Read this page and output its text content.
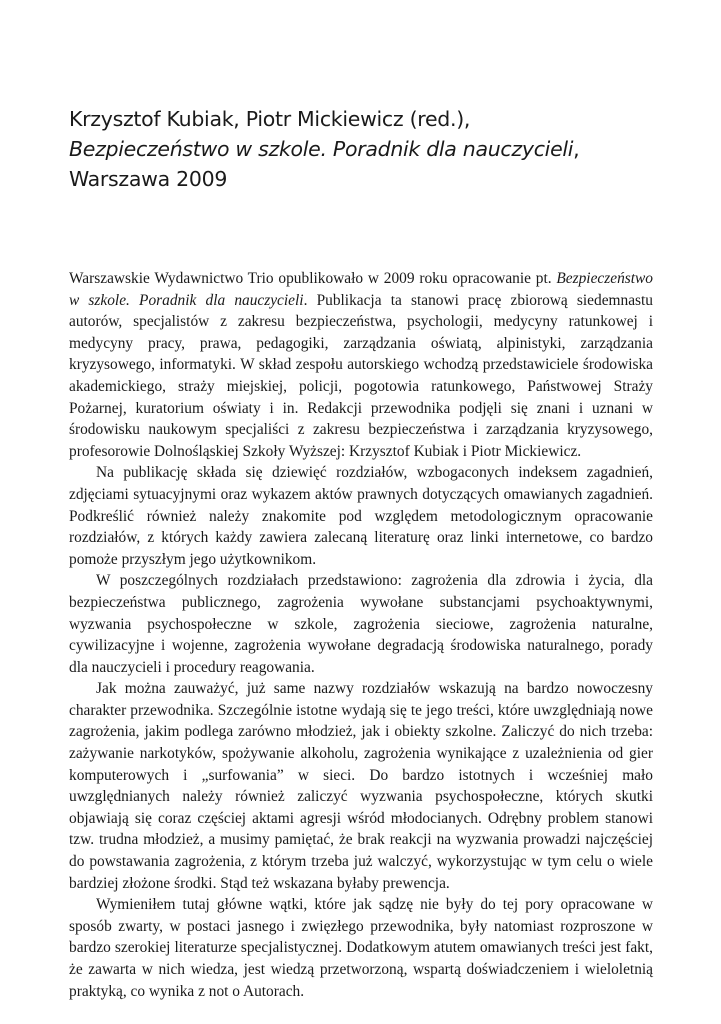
Krzysztof Kubiak, Piotr Mickiewicz (red.),
Bezpieczeństwo w szkole. Poradnik dla nauczycieli,
Warszawa 2009

Warszawskie Wydawnictwo Trio opublikowało w 2009 roku opracowanie pt. Bezpieczeństwo w szkole. Poradnik dla nauczycieli. Publikacja ta stanowi pracę zbiorową siedemnastu autorów, specjalistów z zakresu bezpieczeństwa, psychologii, medycyny ratunkowej i medycyny pracy, prawa, pedagogiki, zarządzania oświatą, alpinistyki, zarządzania kryzysowego, informatyki. W skład zespołu autorskiego wchodzą przedstawiciele środowiska akademickiego, straży miejskiej, policji, pogotowia ratunkowego, Państwowej Straży Pożarnej, kuratorium oświaty i in. Redakcji przewodnika podjęli się znani i uznani w środowisku naukowym specjaliści z zakresu bezpieczeństwa i zarządzania kryzysowego, profesorowie Dolnośląskiej Szkoły Wyższej: Krzysztof Kubiak i Piotr Mickiewicz.

Na publikację składa się dziewięć rozdziałów, wzbogaconych indeksem zagadnień, zdjęciami sytuacyjnymi oraz wykazem aktów prawnych dotyczących omawianych zagadnień. Podkreślić również należy znakomite pod względem metodologicznym opracowanie rozdziałów, z których każdy zawiera zalecaną literaturę oraz linki internetowe, co bardzo pomoże przyszłym jego użytkownikom.

W poszczególnych rozdziałach przedstawiono: zagrożenia dla zdrowia i życia, dla bezpieczeństwa publicznego, zagrożenia wywołane substancjami psychoaktywnymi, wyzwania psychospołeczne w szkole, zagrożenia sieciowe, zagrożenia naturalne, cywilizacyjne i wojenne, zagrożenia wywołane degradacją środowiska naturalnego, porady dla nauczycieli i procedury reagowania.

Jak można zauważyć, już same nazwy rozdziałów wskazują na bardzo nowoczesny charakter przewodnika. Szczególnie istotne wydają się te jego treści, które uwzględniają nowe zagrożenia, jakim podlega zarówno młodzież, jak i obiekty szkolne. Zaliczyć do nich trzeba: zażywanie narkotyków, spożywanie alkoholu, zagrożenia wynikające z uzależnienia od gier komputerowych i „surfowania” w sieci. Do bardzo istotnych i wcześniej mało uwzględnianych należy również zaliczyć wyzwania psychospołeczne, których skutki objawiają się coraz częściej aktami agresji wśród młodocianych. Odrębny problem stanowi tzw. trudna młodzież, a musimy pamiętać, że brak reakcji na wyzwania prowadzi najczęściej do powstawania zagrożenia, z którym trzeba już walczyć, wykorzystując w tym celu o wiele bardziej złożone środki. Stąd też wskazana byłaby prewencja.

Wymieniłem tutaj główne wątki, które jak sądzę nie były do tej pory opracowane w sposób zwarty, w postaci jasnego i zwięzłego przewodnika, były natomiast rozproszone w bardzo szerokiej literaturze specjalistycznej. Dodatkowym atutem omawianych treści jest fakt, że zawarta w nich wiedza, jest wiedzą przetworzoną, wspartą doświadczeniem i wieloletnią praktyką, co wynika z not o Autorach.
